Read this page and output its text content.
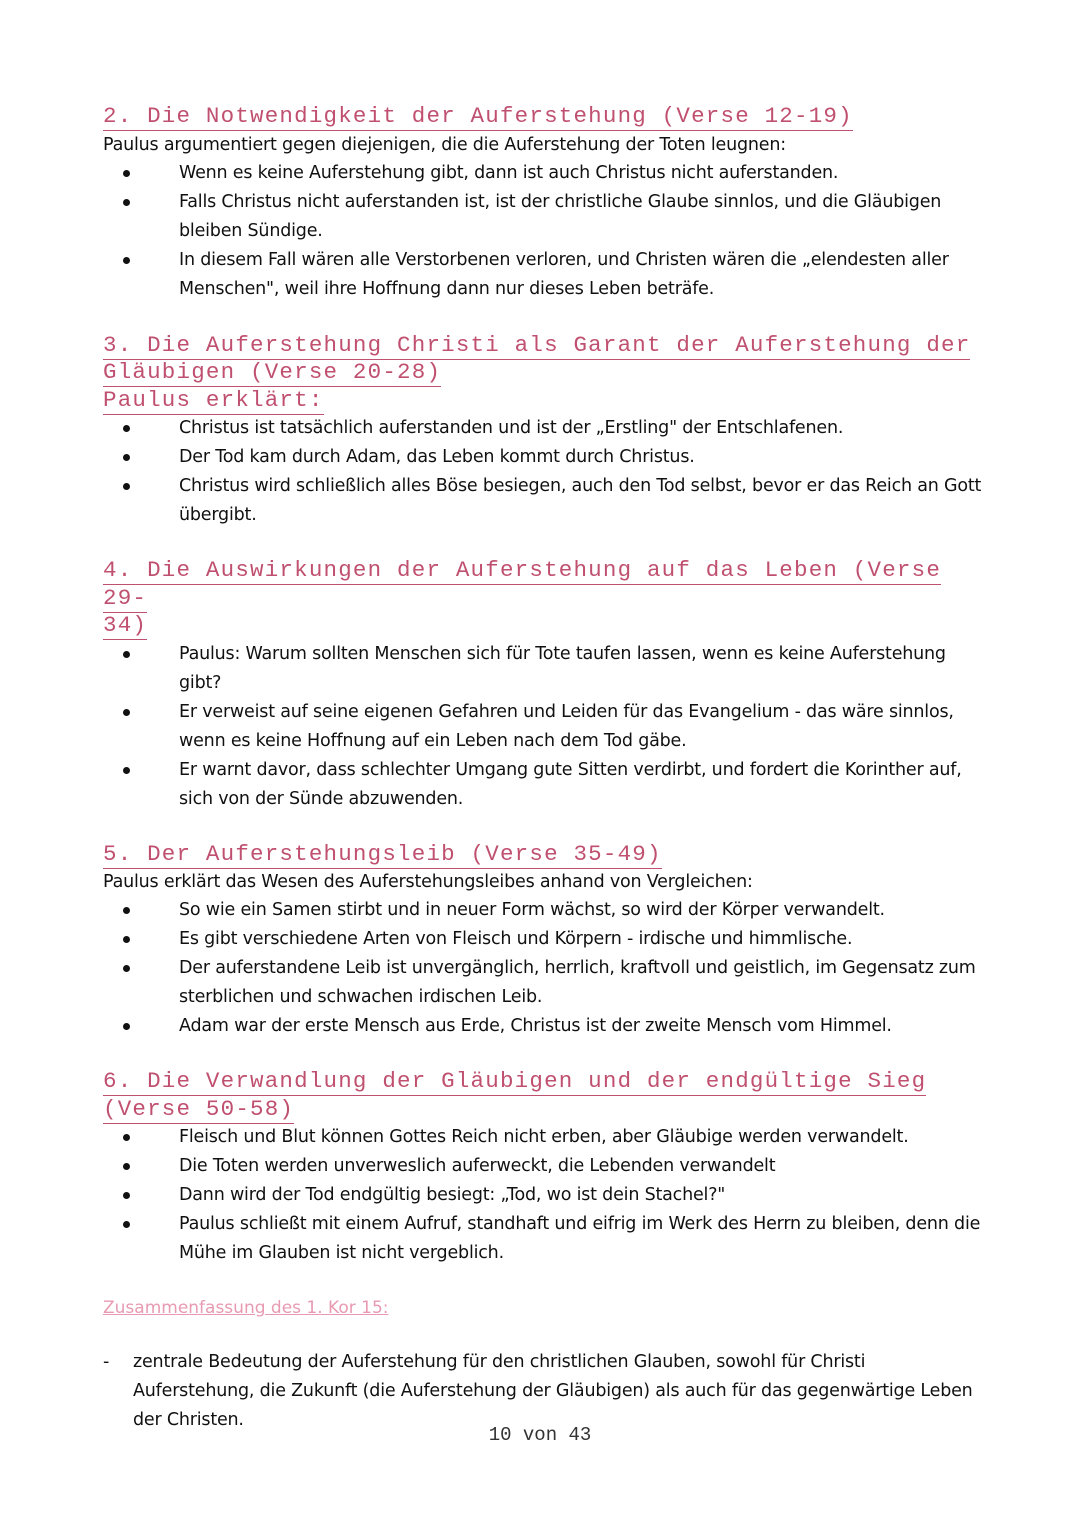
2. Die Notwendigkeit der Auferstehung (Verse 12-19)

Paulus argumentiert gegen diejenigen, die die Auferstehung der Toten leugnen:

Wenn es keine Auferstehung gibt, dann ist auch Christus nicht auferstanden.
Falls Christus nicht auferstanden ist, ist der christliche Glaube sinnlos, und die Gläubigen bleiben Sündige.
In diesem Fall wären alle Verstorbenen verloren, und Christen wären die „elendesten aller Menschen", weil ihre Hoffnung dann nur dieses Leben beträfe.

3. Die Auferstehung Christi als Garant der Auferstehung der

Gläubigen (Verse 20-28)

Paulus erklärt:

Christus ist tatsächlich auferstanden und ist der „Erstling" der Entschlafenen.
Der Tod kam durch Adam, das Leben kommt durch Christus.
Christus wird schließlich alles Böse besiegen, auch den Tod selbst, bevor er das Reich an Gott übergibt.

4. Die Auswirkungen der Auferstehung auf das Leben (Verse 29-

34)

Paulus: Warum sollten Menschen sich für Tote taufen lassen, wenn es keine Auferstehung gibt?
Er verweist auf seine eigenen Gefahren und Leiden für das Evangelium - das wäre sinnlos, wenn es keine Hoffnung auf ein Leben nach dem Tod gäbe.
Er warnt davor, dass schlechter Umgang gute Sitten verdirbt, und fordert die Korinther auf, sich von der Sünde abzuwenden.

5. Der Auferstehungsleib (Verse 35-49)

Paulus erklärt das Wesen des Auferstehungsleibes anhand von Vergleichen:

So wie ein Samen stirbt und in neuer Form wächst, so wird der Körper verwandelt.
Es gibt verschiedene Arten von Fleisch und Körpern - irdische und himmlische.
Der auferstandene Leib ist unvergänglich, herrlich, kraftvoll und geistlich, im Gegensatz zum sterblichen und schwachen irdischen Leib.
Adam war der erste Mensch aus Erde, Christus ist der zweite Mensch vom Himmel.

6. Die Verwandlung der Gläubigen und der endgültige Sieg

(Verse 50-58)

Fleisch und Blut können Gottes Reich nicht erben, aber Gläubige werden verwandelt.
Die Toten werden unverweslich auferweckt, die Lebenden verwandelt
Dann wird der Tod endgültig besiegt: „Tod, wo ist dein Stachel?"
Paulus schließt mit einem Aufruf, standhaft und eifrig im Werk des Herrn zu bleiben, denn die Mühe im Glauben ist nicht vergeblich.

Zusammenfassung des 1. Kor 15:

- zentrale Bedeutung der Auferstehung für den christlichen Glauben, sowohl für Christi Auferstehung, die Zukunft (die Auferstehung der Gläubigen) als auch für das gegenwärtige Leben der Christen.
10 von 43
